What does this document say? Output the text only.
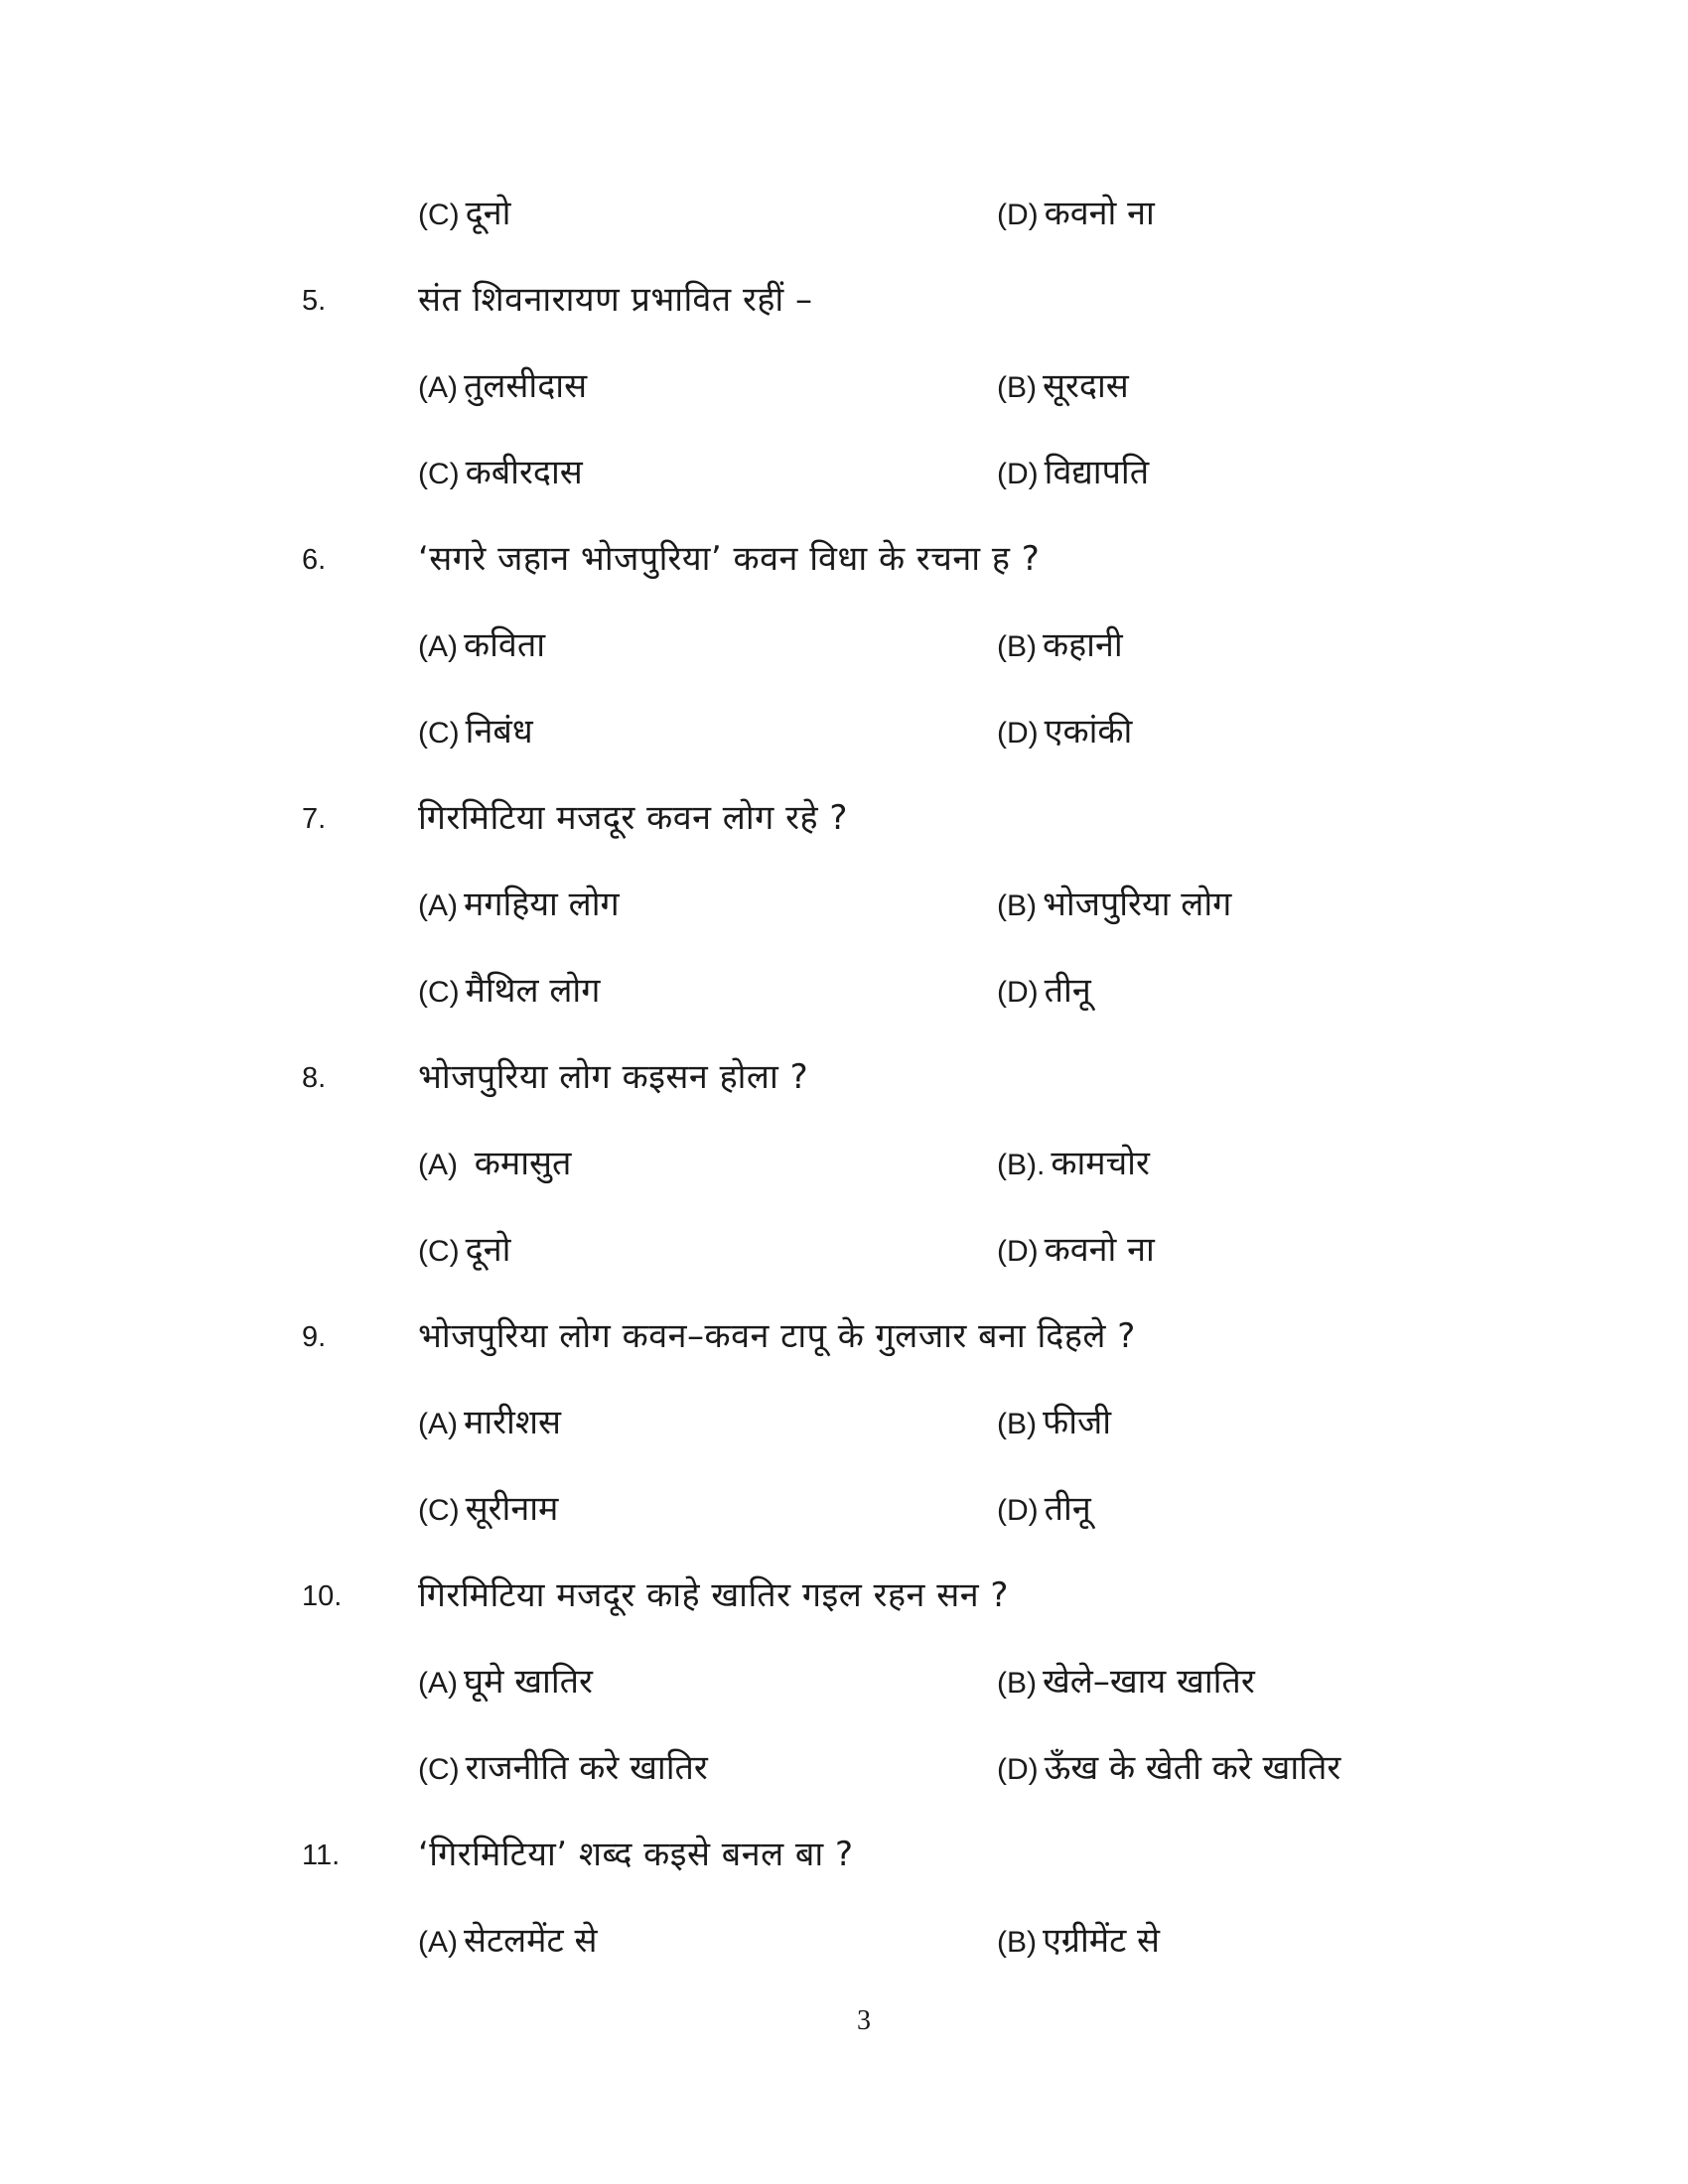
(C) दूनो	(D) कवनो ना
5.	संत शिवनारायण प्रभावित रहीं –
(A) तुलसीदास	(B) सूरदास
(C) कबीरदास	(D) विद्यापति
6.	‘सगरे जहान भोजपुरिया’ कवन विधा के रचना ह ?
(A) कविता	(B) कहानी
(C) निबंध	(D) एकांकी
7.	गिरमिटिया मजदूर कवन लोग रहे ?
(A) मगहिया लोग	(B) भोजपुरिया लोग
(C) मैथिल लोग	(D) तीनू
8.	भोजपुरिया लोग कइसन होला ?
(A) कमासुत	(B). कामचोर
(C) दूनो	(D) कवनो ना
9.	भोजपुरिया लोग कवन–कवन टापू के गुलजार बना दिहले ?
(A) मारीशस	(B) फीजी
(C) सूरीनाम	(D) तीनू
10. गिरमिटिया मजदूर काहे खातिर गइल रहन सन ?
(A) घूमे खातिर	(B) खेले–खाय खातिर
(C) राजनीति करे खातिर	(D) ऊँख के खेती करे खातिर
11. ‘गिरमिटिया’ शब्द कइसे बनल बा ?
(A) सेटलमेंट से	(B) एग्रीमेंट से
3
